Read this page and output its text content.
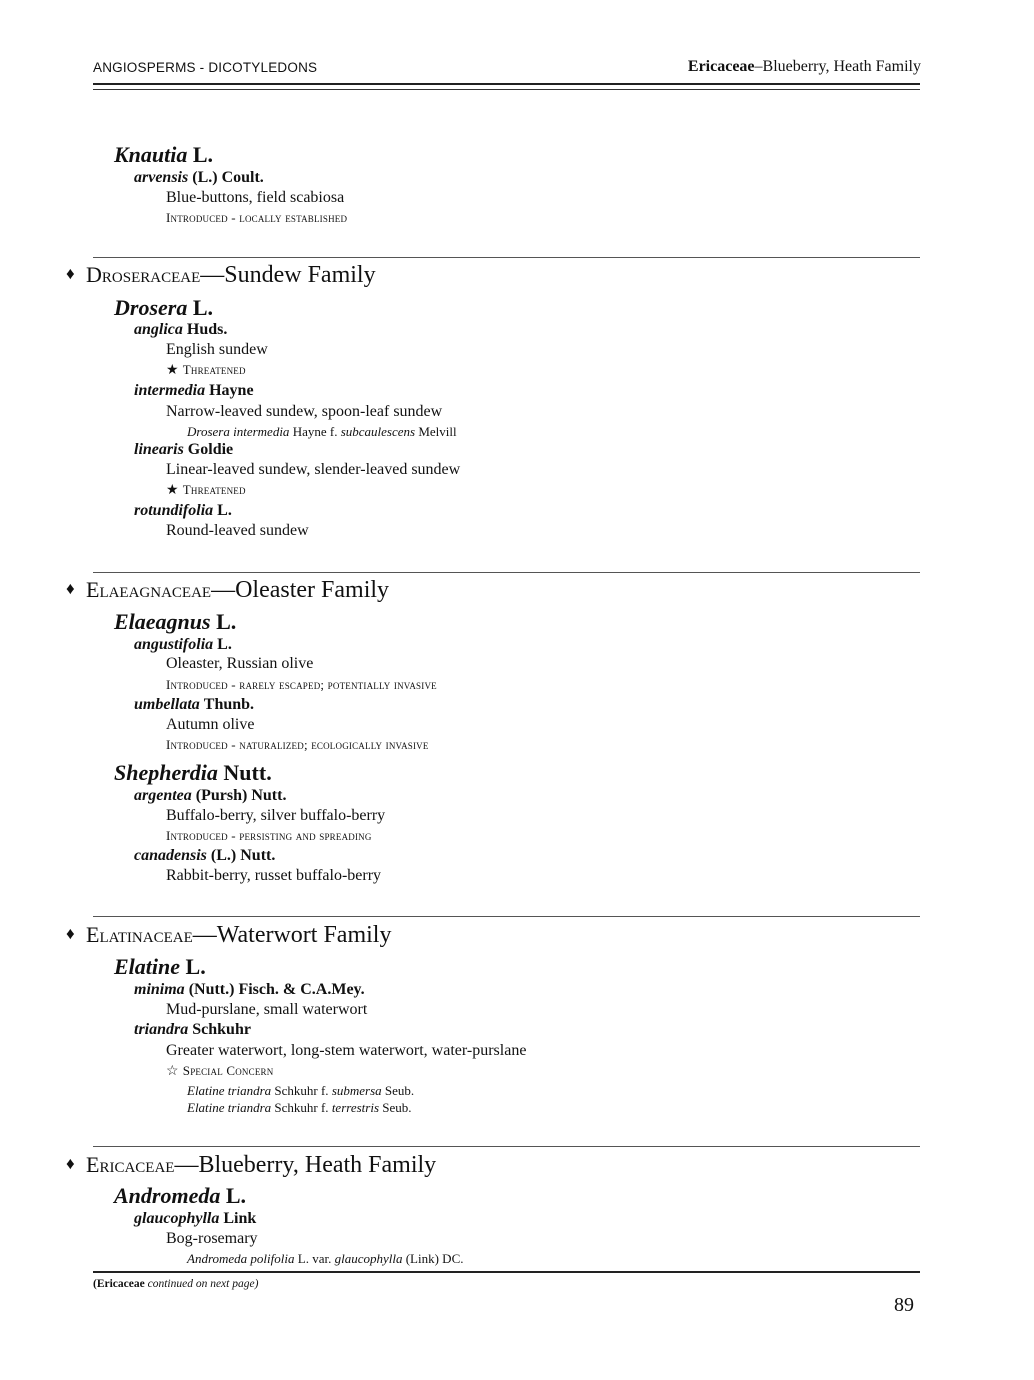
ANGIOSPERMS - DICOTYLEDONS	Ericaceae–Blueberry, Heath Family
Knautia L.
arvensis (L.) Coult.
Blue-buttons, field scabiosa
Introduced - locally established
♦ Droseraceae—Sundew Family
Drosera L.
anglica Huds.
English sundew
★ Threatened
intermedia Hayne
Narrow-leaved sundew, spoon-leaf sundew
Drosera intermedia Hayne f. subcaulescens Melvill
linearis Goldie
Linear-leaved sundew, slender-leaved sundew
★ Threatened
rotundifolia L.
Round-leaved sundew
♦ Elaeagnaceae—Oleaster Family
Elaeagnus L.
angustifolia L.
Oleaster, Russian olive
Introduced - rarely escaped; potentially invasive
umbellata Thunb.
Autumn olive
Introduced - naturalized; ecologically invasive
Shepherdia Nutt.
argentea (Pursh) Nutt.
Buffalo-berry, silver buffalo-berry
Introduced - persisting and spreading
canadensis (L.) Nutt.
Rabbit-berry, russet buffalo-berry
♦ Elatinaceae—Waterwort Family
Elatine L.
minima (Nutt.) Fisch. & C.A.Mey.
Mud-purslane, small waterwort
triandra Schkuhr
Greater waterwort, long-stem waterwort, water-purslane
☆ Special Concern
Elatine triandra Schkuhr f. submersa Seub.
Elatine triandra Schkuhr f. terrestris Seub.
♦ Ericaceae—Blueberry, Heath Family
Andromeda L.
glaucophylla Link
Bog-rosemary
Andromeda polifolia L. var. glaucophylla (Link) DC.
(Ericaceae continued on next page)
89
